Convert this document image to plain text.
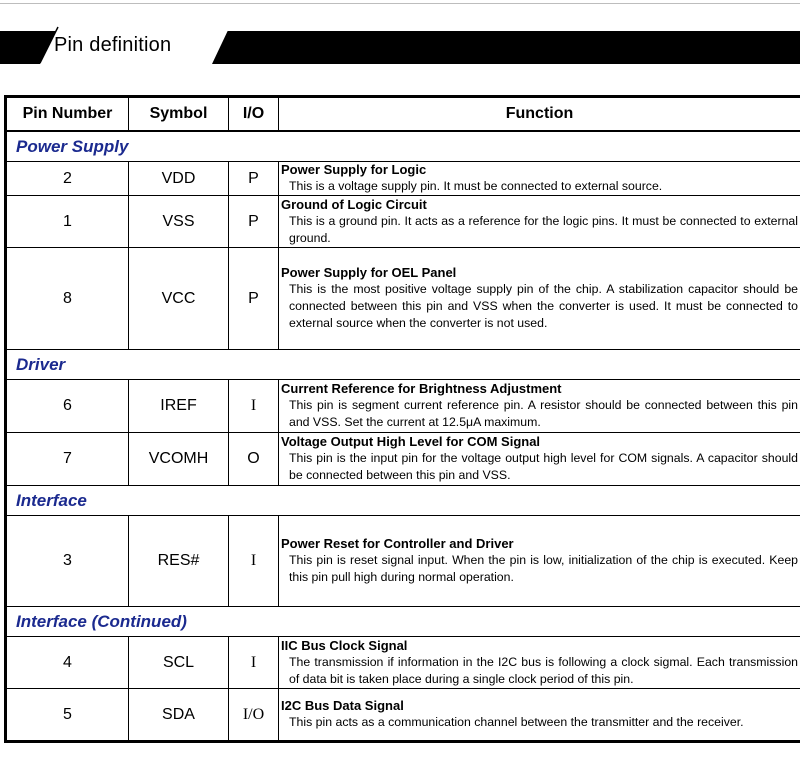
Pin definition
Pin Number	Symbol	I/O	Function
Power Supply			
2	VDD	P	Power Supply for Logic
This is a voltage supply pin. It must be connected to external source.

1	VSS	P	Ground of Logic Circuit
This is a ground pin. It acts as a reference for the logic pins. It must be connected to external ground.

8	VCC	P	Power Supply for OEL Panel
This is the most positive voltage supply pin of the chip. A stabilization capacitor should be connected between this pin and VSS when the converter is used. It must be connected to external source when the converter is not used.

Driver			
6	IREF	I	Current Reference for Brightness Adjustment
This pin is segment current reference pin. A resistor should be connected between this pin and VSS. Set the current at 12.5μA maximum.

7	VCOMH	O	Voltage Output High Level for COM Signal
This pin is the input pin for the voltage output high level for COM signals. A capacitor should be connected between this pin and VSS.

Interface			
3	RES#	I	Power Reset for Controller and Driver
This pin is reset signal input. When the pin is low, initialization of the chip is executed. Keep this pin pull high during normal operation.

Interface (Continued)			
4	SCL	I	IIC Bus Clock Signal
The transmission if information in the I2C bus is following a clock sigmal. Each transmission of data bit is taken place during a single clock period of this pin.

5	SDA	I/O	I2C Bus Data Signal
This pin acts as a communication channel between the transmitter and the receiver.
